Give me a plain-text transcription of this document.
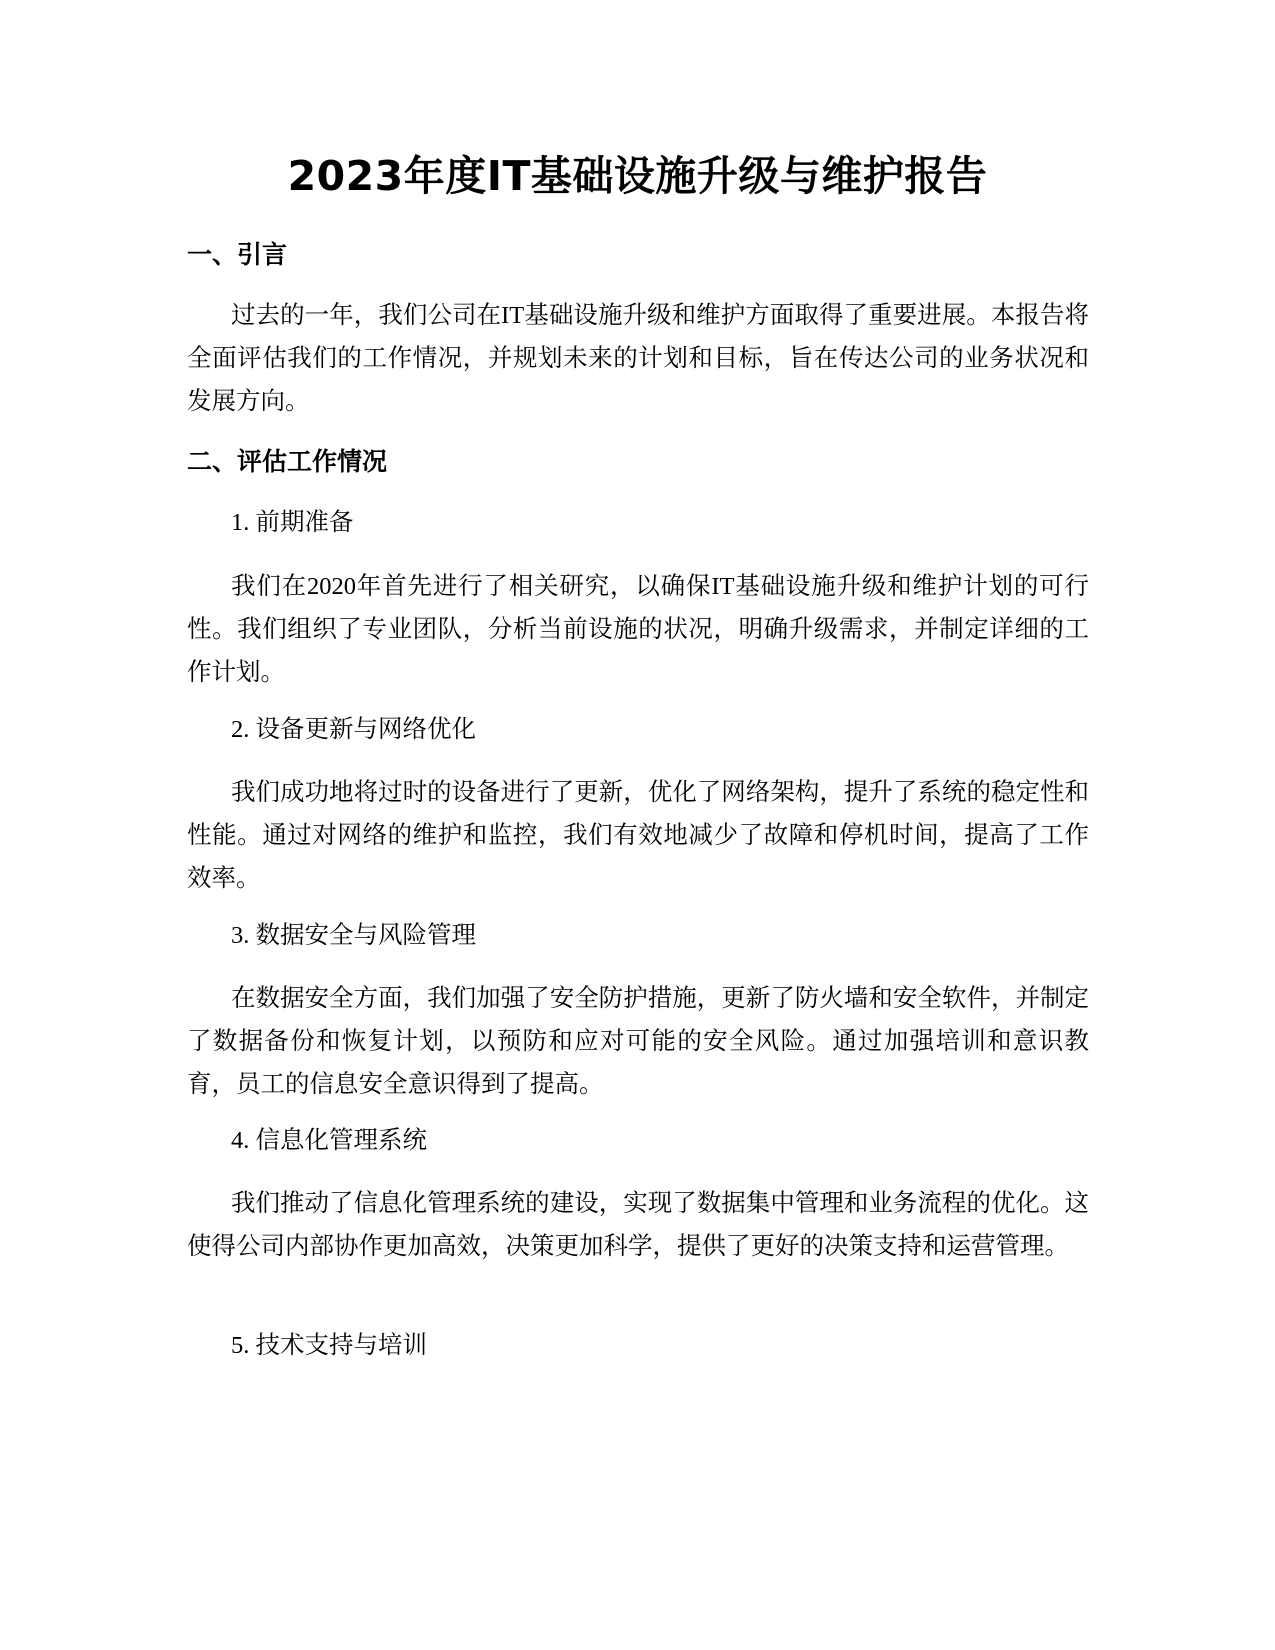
2023年度IT基础设施升级与维护报告
一、引言

过去的一年，我们公司在IT基础设施升级和维护方面取得了重要进展。本报告将全面评估我们的工作情况，并规划未来的计划和目标，旨在传达公司的业务状况和发展方向。

二、评估工作情况

1. 前期准备

我们在2020年首先进行了相关研究，以确保IT基础设施升级和维护计划的可行性。我们组织了专业团队，分析当前设施的状况，明确升级需求，并制定详细的工作计划。

2. 设备更新与网络优化

我们成功地将过时的设备进行了更新，优化了网络架构，提升了系统的稳定性和性能。通过对网络的维护和监控，我们有效地减少了故障和停机时间，提高了工作效率。

3. 数据安全与风险管理

在数据安全方面，我们加强了安全防护措施，更新了防火墙和安全软件，并制定了数据备份和恢复计划，以预防和应对可能的安全风险。通过加强培训和意识教育，员工的信息安全意识得到了提高。

4. 信息化管理系统

我们推动了信息化管理系统的建设，实现了数据集中管理和业务流程的优化。这使得公司内部协作更加高效，决策更加科学，提供了更好的决策支持和运营管理。

5. 技术支持与培训
